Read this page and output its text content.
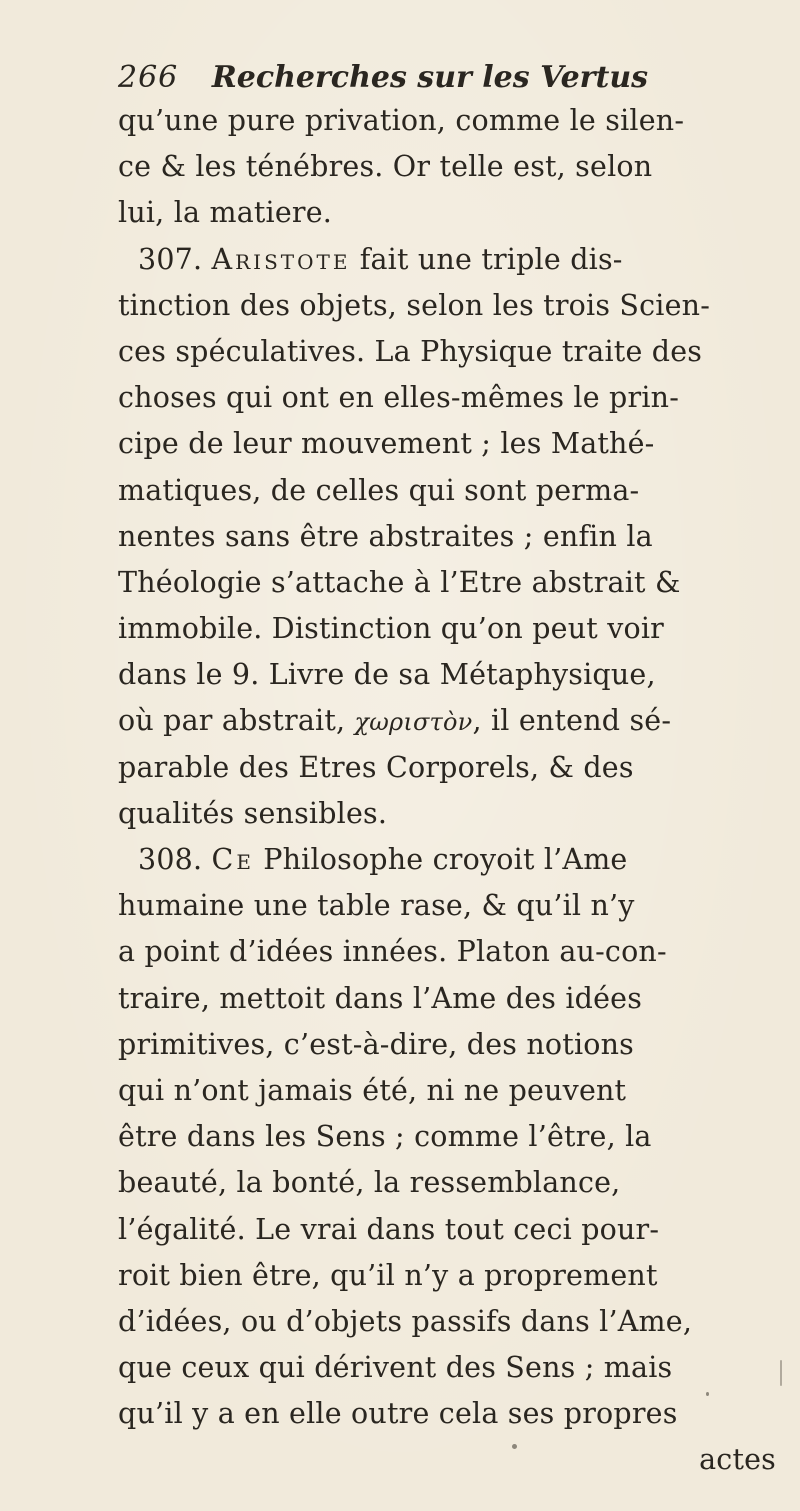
266 Recherches sur les Vertus
qu’une pure privation, comme le silen-
ce & les ténébres. Or telle est, selon
lui, la matiere.
307. Aristote fait une triple dis-
tinction des objets, selon les trois Scien-
ces spéculatives. La Physique traite des
choses qui ont en elles-mêmes le prin-
cipe de leur mouvement ; les Mathé-
matiques, de celles qui sont perma-
nentes sans être abstraites ; enfin la
Théologie s’attache à l’Etre abstrait &
immobile. Distinction qu’on peut voir
dans le 9. Livre de sa Métaphysique,
où par abstrait, χωριστὸν, il entend sé-
parable des Etres Corporels, & des
qualités sensibles.
308. Ce Philosophe croyoit l’Ame
humaine une table rase, & qu’il n’y
a point d’idées innées. Platon au-con-
traire, mettoit dans l’Ame des idées
primitives, c’est-à-dire, des notions
qui n’ont jamais été, ni ne peuvent
être dans les Sens ; comme l’être, la
beauté, la bonté, la ressemblance,
l’égalité. Le vrai dans tout ceci pour-
roit bien être, qu’il n’y a proprement
d’idées, ou d’objets passifs dans l’Ame,
que ceux qui dérivent des Sens ; mais
qu’il y a en elle outre cela ses propres
actes
